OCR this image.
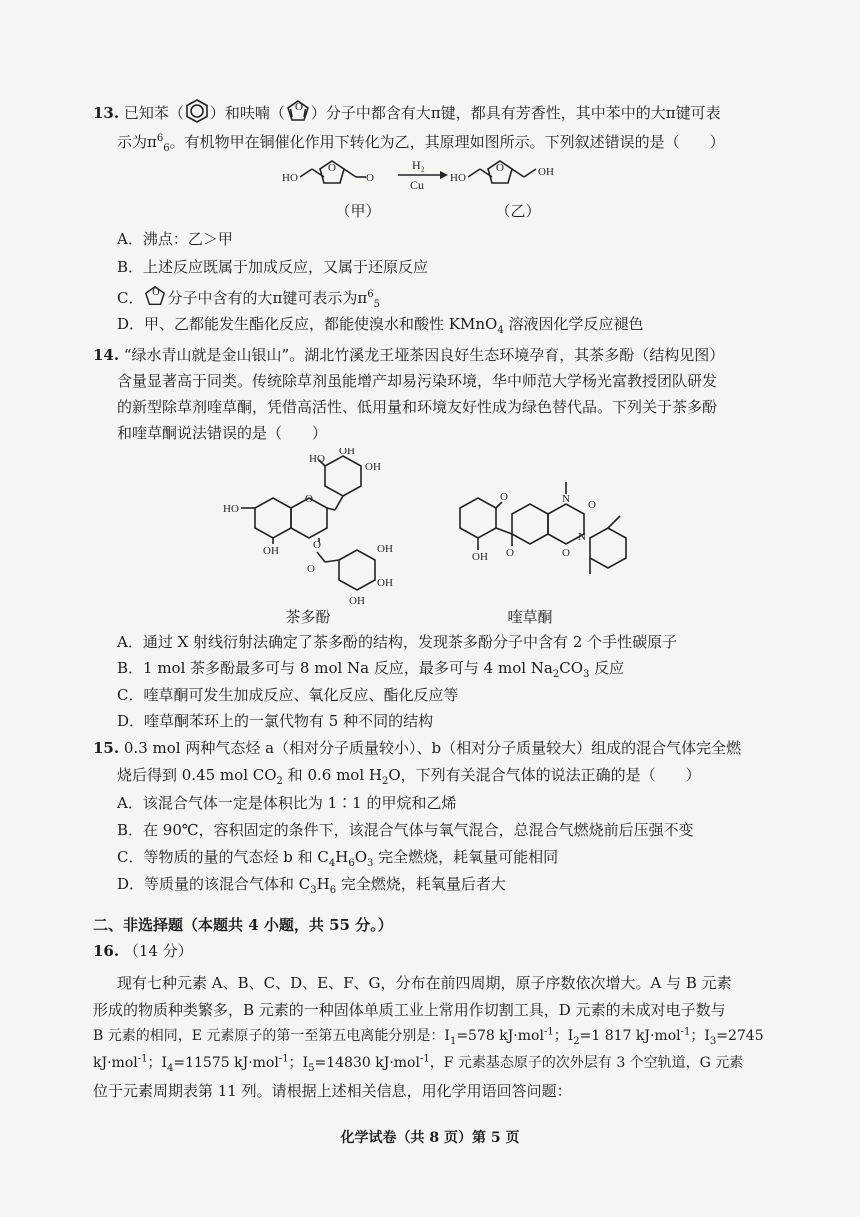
13. 已知苯（ ）和呋喃（ O ）分子中都含有大π键，都具有芳香性，其中苯中的大π键可表
示为$\pi^6_6$。有机物甲在铜催化作用下转化为乙，其原理如图所示。下列叙述错误的是（　　）
HO
O
O
H₂
Cu HO
O	OH
（甲）	（乙）
A．沸点：乙＞甲
B．上述反应既属于加成反应，又属于还原反应
C． O 分子中含有的大π键可表示为$\pi^6_5$
D．甲、乙都能发生酯化反应，都能使溴水和酸性 KMnO$_4$ 溶液因化学反应褪色
14. “绿水青山就是金山银山”。湖北竹溪龙王垭茶因良好生态环境孕育，其茶多酚（结构见图）
含量显著高于同类。传统除草剂虽能增产却易污染环境，华中师范大学杨光富教授团队研发
的新型除草剂喹草酮，凭借高活性、低用量和环境友好性成为绿色替代品。下列关于茶多酚
和喹草酮说法错误的是（　　）
HO
OH
OH
O
HO
OH	O
O
OH
OH
OH
茶多酚
O
OH O
N O
O
N
喹草酮
A．通过 X 射线衍射法确定了茶多酚的结构，发现茶多酚分子中含有 2 个手性碳原子
B．1 mol 茶多酚最多可与 8 mol Na 反应，最多可与 4 mol $Na_2CO_3$ 反应
C．喹草酮可发生加成反应、氧化反应、酯化反应等
D．喹草酮苯环上的一氯代物有 5 种不同的结构
15. 0.3 mol 两种气态烃 a（相对分子质量较小）、b（相对分子质量较大）组成的混合气体完全燃
烧后得到 0.45 mol $CO_2$ 和 0.6 mol $H_2O$，下列有关混合气体的说法正确的是（　　）
A．该混合气体一定是体积比为 1∶1 的甲烷和乙烯
B．在 90℃，容积固定的条件下，该混合气体与氧气混合，总混合气燃烧前后压强不变
C．等物质的量的气态烃 b 和 $C_4H_6O_3$ 完全燃烧，耗氧量可能相同
D．等质量的该混合气体和 $C_3H_6$ 完全燃烧，耗氧量后者大
二、非选择题（本题共 4 小题，共 55 分。）
16. （14 分）
现有七种元素 A、B、C、D、E、F、G，分布在前四周期，原子序数依次增大。A 与 B 元素
形成的物质种类繁多，B 元素的一种固体单质工业上常用作切割工具，D 元素的未成对电子数与
B 元素的相同，E 元素原子的第一至第五电离能分别是：$I_1=578$ kJ·mol$^{-1}$；$I_2=1$ 817 kJ·mol$^{-1}$；$I_3=2745$
kJ·mol$^{-1}$；$I_4=11575$ kJ·mol$^{-1}$；$I_5=14830$ kJ·mol$^{-1}$，F 元素基态原子的次外层有 3 个空轨道，G 元素
位于元素周期表第 11 列。请根据上述相关信息，用化学用语回答问题：
化学试卷（共 8 页）第 5 页
